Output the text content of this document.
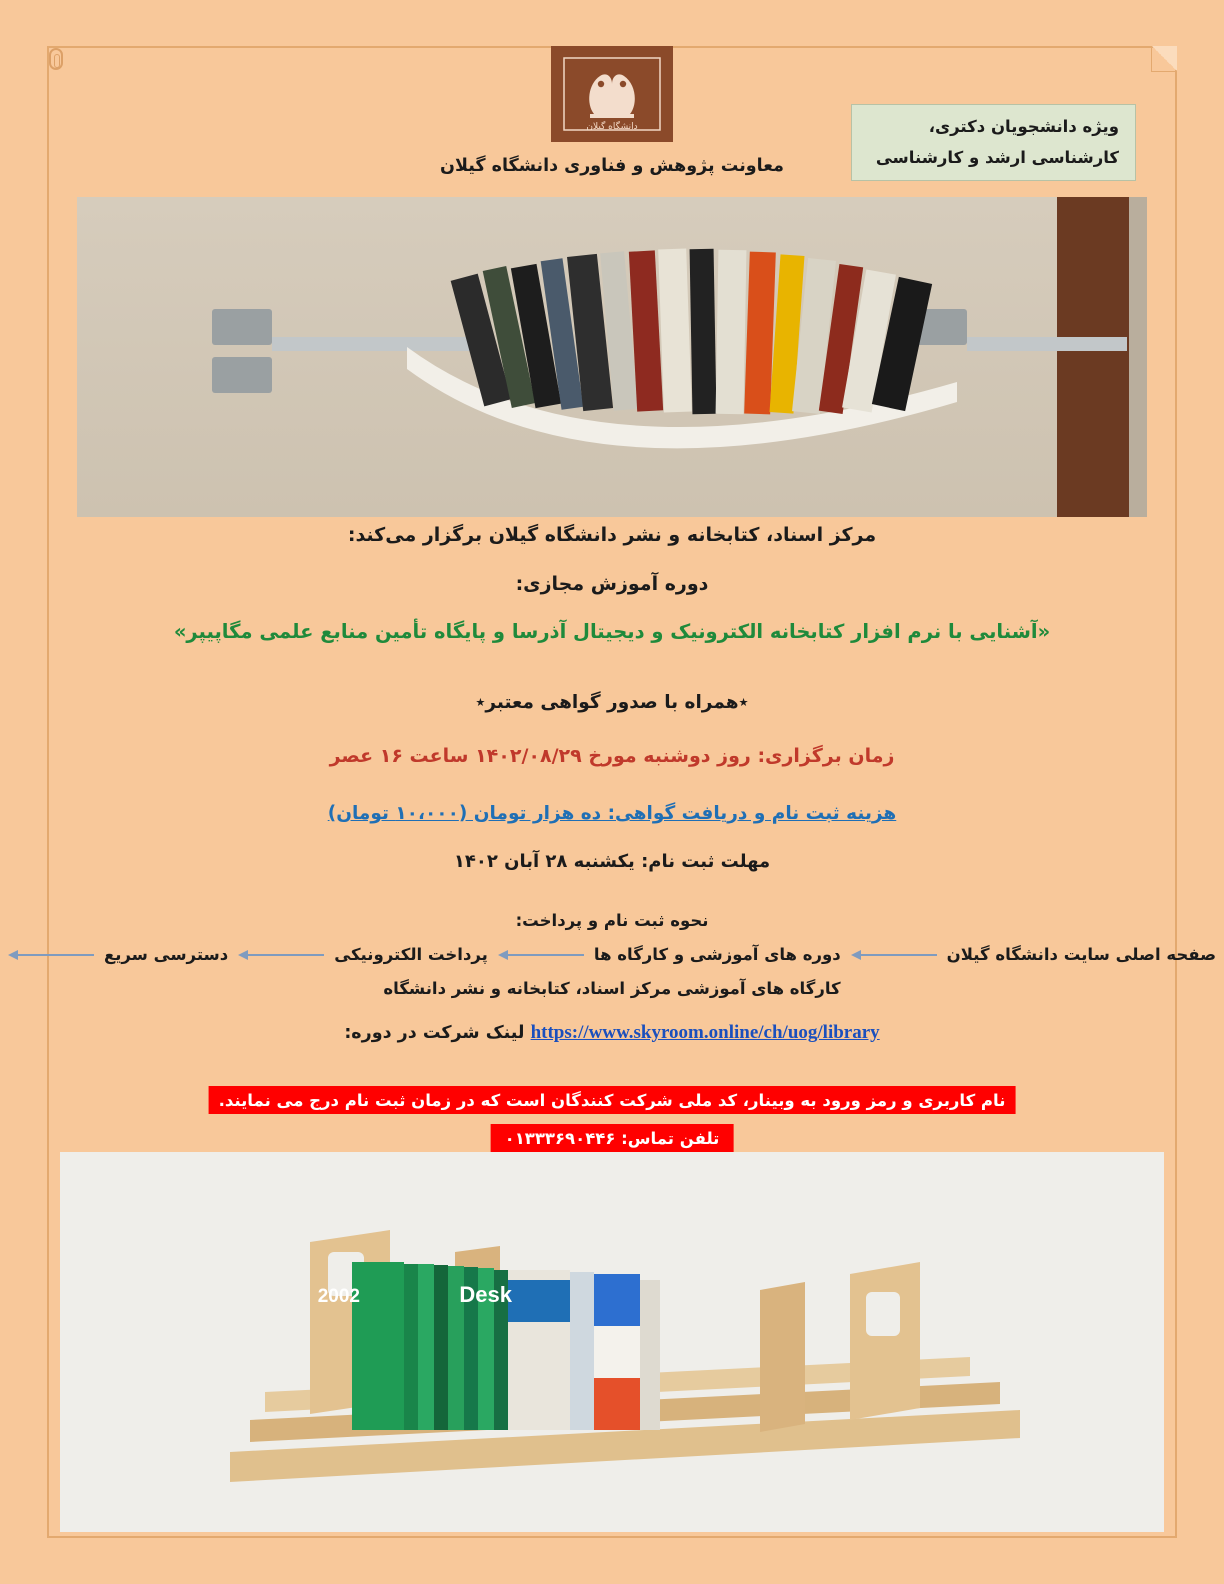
دانشگاه گیلان
معاونت پژوهش و فناوری دانشگاه گیلان
ویژه دانشجویان دکتری،
کارشناسی ارشد و کارشناسی
مرکز اسناد، کتابخانه و نشر دانشگاه گیلان برگزار می‌کند:
دوره آموزش مجازی:
«آشنایی با نرم افزار کتابخانه الکترونیک و دیجیتال آذرسا و پایگاه تأمین منابع علمی مگاپیپر»
٭همراه با صدور گواهی معتبر٭
زمان برگزاری: روز دوشنبه مورخ ۱۴۰۲/۰۸/۲۹ ساعت ۱۶ عصر
هزینه ثبت نام و دریافت گواهی: ده هزار تومان (۱۰،۰۰۰ تومان)
مهلت ثبت نام: یکشنبه ۲۸ آبان ۱۴۰۲
نحوه ثبت نام و پرداخت:
صفحه اصلی سایت دانشگاه گیلان
دوره های آموزشی و کارگاه ها
پرداخت الکترونیکی
دسترسی سریع
کارگاه های آموزشی مرکز اسناد، کتابخانه و نشر دانشگاه
https://www.skyroom.online/ch/uog/library لینک شرکت در دوره:
نام کاربری و رمز ورود به وبینار، کد ملی شرکت کنندگان است که در زمان ثبت نام درج می نمایند.
تلفن تماس: ۰۱۳۳۳۶۹۰۴۴۶
2002	Desk
